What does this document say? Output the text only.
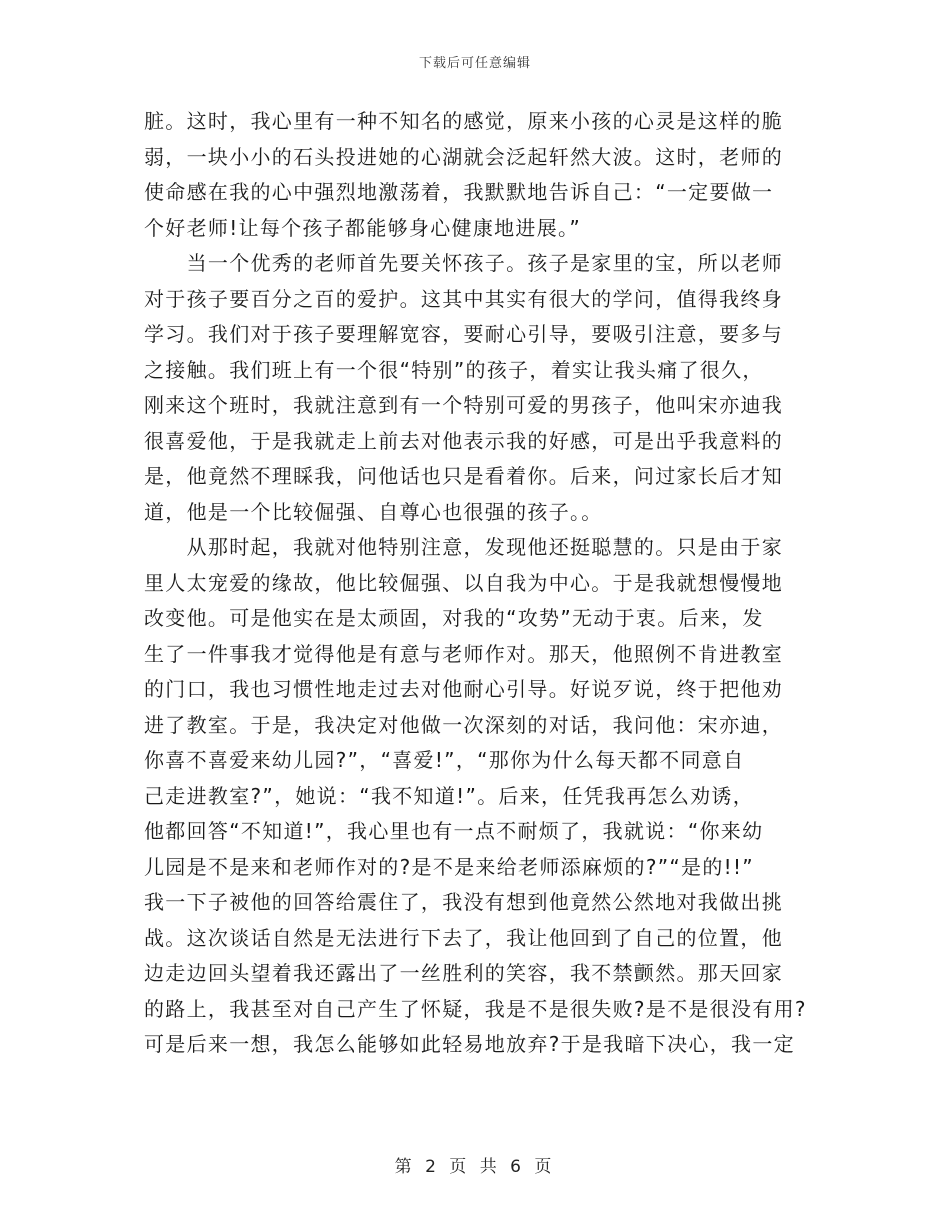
下载后可任意编辑
脏。这时，我心里有一种不知名的感觉，原来小孩的心灵是这样的脆
弱，一块小小的石头投进她的心湖就会泛起轩然大波。这时，老师的
使命感在我的心中强烈地激荡着，我默默地告诉自己：“一定要做一
个好老师!让每个孩子都能够身心健康地进展。”
　　当一个优秀的老师首先要关怀孩子。孩子是家里的宝，所以老师
对于孩子要百分之百的爱护。这其中其实有很大的学问，值得我终身
学习。我们对于孩子要理解宽容，要耐心引导，要吸引注意，要多与
之接触。我们班上有一个很“特别”的孩子，着实让我头痛了很久，
刚来这个班时，我就注意到有一个特别可爱的男孩子，他叫宋亦迪我
很喜爱他，于是我就走上前去对他表示我的好感，可是出乎我意料的
是，他竟然不理睬我，问他话也只是看着你。后来，问过家长后才知
道，他是一个比较倔强、自尊心也很强的孩子。。
　　从那时起，我就对他特别注意，发现他还挺聪慧的。只是由于家
里人太宠爱的缘故，他比较倔强、以自我为中心。于是我就想慢慢地
改变他。可是他实在是太顽固，对我的“攻势”无动于衷。后来，发
生了一件事我才觉得他是有意与老师作对。那天，他照例不肯进教室
的门口，我也习惯性地走过去对他耐心引导。好说歹说，终于把他劝
进了教室。于是，我决定对他做一次深刻的对话，我问他：宋亦迪，
你喜不喜爱来幼儿园?”，“喜爱!”，“那你为什么每天都不同意自
己走进教室?”，她说：“我不知道!”。后来，任凭我再怎么劝诱，
他都回答“不知道!”，我心里也有一点不耐烦了，我就说：“你来幼
儿园是不是来和老师作对的?是不是来给老师添麻烦的?”“是的!!”
我一下子被他的回答给震住了，我没有想到他竟然公然地对我做出挑
战。这次谈话自然是无法进行下去了，我让他回到了自己的位置，他
边走边回头望着我还露出了一丝胜利的笑容，我不禁颤然。那天回家
的路上，我甚至对自己产生了怀疑，我是不是很失败?是不是很没有用?
可是后来一想，我怎么能够如此轻易地放弃?于是我暗下决心，我一定
第 2 页 共 6 页
